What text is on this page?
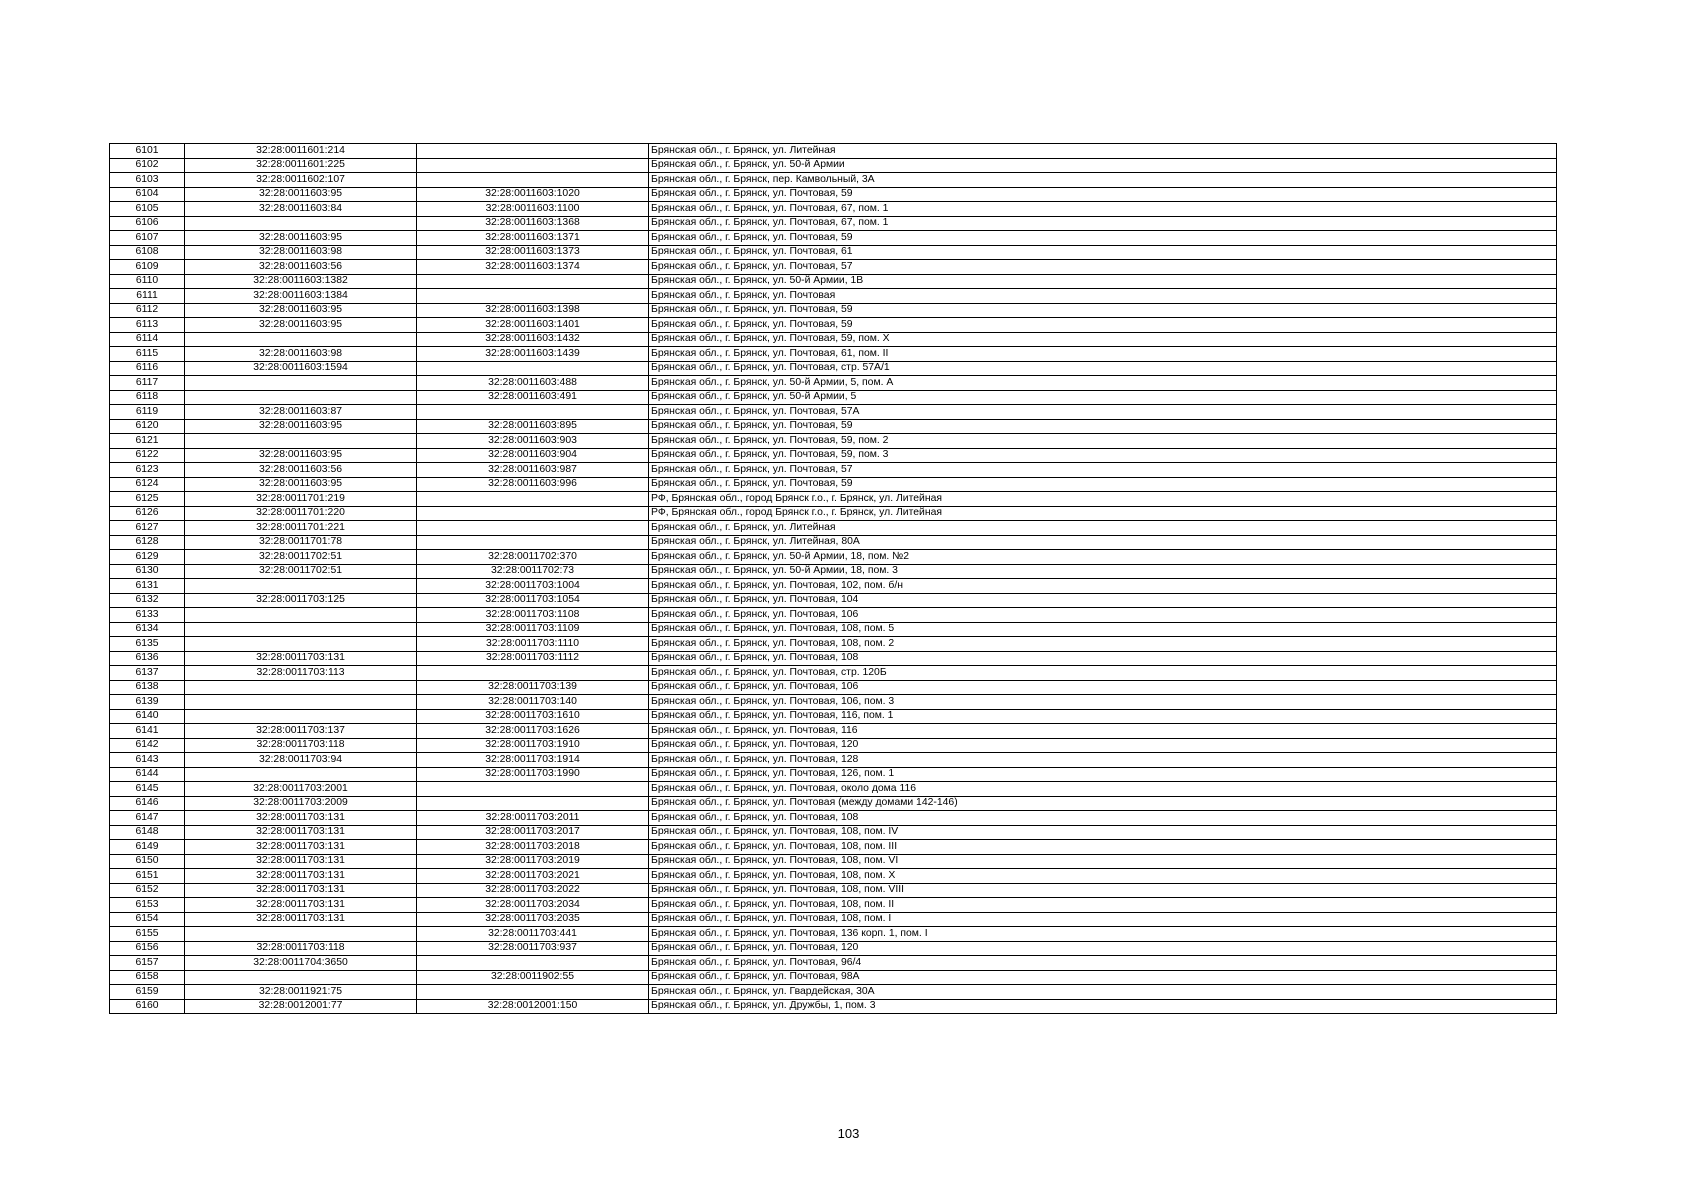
6101	32:28:0011601:214		Брянская обл., г. Брянск, ул. Литейная
6102	32:28:0011601:225		Брянская обл., г. Брянск, ул. 50-й Армии
6103	32:28:0011602:107		Брянская обл., г. Брянск, пер. Камвольный, 3А
6104	32:28:0011603:95	32:28:0011603:1020	Брянская обл., г. Брянск, ул. Почтовая, 59
6105	32:28:0011603:84	32:28:0011603:1100	Брянская обл., г. Брянск, ул. Почтовая, 67, пом. 1
6106		32:28:0011603:1368	Брянская обл., г. Брянск, ул. Почтовая, 67, пом. 1
6107	32:28:0011603:95	32:28:0011603:1371	Брянская обл., г. Брянск, ул. Почтовая, 59
6108	32:28:0011603:98	32:28:0011603:1373	Брянская обл., г. Брянск, ул. Почтовая, 61
6109	32:28:0011603:56	32:28:0011603:1374	Брянская обл., г. Брянск, ул. Почтовая, 57
6110	32:28:0011603:1382		Брянская обл., г. Брянск, ул. 50-й Армии, 1В
6111	32:28:0011603:1384		Брянская обл., г. Брянск, ул. Почтовая
6112	32:28:0011603:95	32:28:0011603:1398	Брянская обл., г. Брянск, ул. Почтовая, 59
6113	32:28:0011603:95	32:28:0011603:1401	Брянская обл., г. Брянск, ул. Почтовая, 59
6114		32:28:0011603:1432	Брянская обл., г. Брянск, ул. Почтовая, 59, пом. X
6115	32:28:0011603:98	32:28:0011603:1439	Брянская обл., г. Брянск, ул. Почтовая, 61, пом. II
6116	32:28:0011603:1594		Брянская обл., г. Брянск, ул. Почтовая, стр. 57А/1
6117		32:28:0011603:488	Брянская обл., г. Брянск, ул. 50-й Армии, 5, пом. А
6118		32:28:0011603:491	Брянская обл., г. Брянск, ул. 50-й Армии, 5
6119	32:28:0011603:87		Брянская обл., г. Брянск, ул. Почтовая, 57А
6120	32:28:0011603:95	32:28:0011603:895	Брянская обл., г. Брянск, ул. Почтовая, 59
6121		32:28:0011603:903	Брянская обл., г. Брянск, ул. Почтовая, 59, пом. 2
6122	32:28:0011603:95	32:28:0011603:904	Брянская обл., г. Брянск, ул. Почтовая, 59, пом. 3
6123	32:28:0011603:56	32:28:0011603:987	Брянская обл., г. Брянск, ул. Почтовая, 57
6124	32:28:0011603:95	32:28:0011603:996	Брянская обл., г. Брянск, ул. Почтовая, 59
6125	32:28:0011701:219		РФ, Брянская обл., город Брянск г.о., г. Брянск, ул. Литейная
6126	32:28:0011701:220		РФ, Брянская обл., город Брянск г.о., г. Брянск, ул. Литейная
6127	32:28:0011701:221		Брянская обл., г. Брянск, ул. Литейная
6128	32:28:0011701:78		Брянская обл., г. Брянск, ул. Литейная, 80А
6129	32:28:0011702:51	32:28:0011702:370	Брянская обл., г. Брянск, ул. 50-й Армии, 18, пом. №2
6130	32:28:0011702:51	32:28:0011702:73	Брянская обл., г. Брянск, ул. 50-й Армии, 18, пом. 3
6131		32:28:0011703:1004	Брянская обл., г. Брянск, ул. Почтовая, 102, пом. б/н
6132	32:28:0011703:125	32:28:0011703:1054	Брянская обл., г. Брянск, ул. Почтовая, 104
6133		32:28:0011703:1108	Брянская обл., г. Брянск, ул. Почтовая, 106
6134		32:28:0011703:1109	Брянская обл., г. Брянск, ул. Почтовая, 108, пом. 5
6135		32:28:0011703:1110	Брянская обл., г. Брянск, ул. Почтовая, 108, пом. 2
6136	32:28:0011703:131	32:28:0011703:1112	Брянская обл., г. Брянск, ул. Почтовая, 108
6137	32:28:0011703:113		Брянская обл., г. Брянск, ул. Почтовая, стр. 120Б
6138		32:28:0011703:139	Брянская обл., г. Брянск, ул. Почтовая, 106
6139		32:28:0011703:140	Брянская обл., г. Брянск, ул. Почтовая, 106, пом. 3
6140		32:28:0011703:1610	Брянская обл., г. Брянск, ул. Почтовая, 116, пом. 1
6141	32:28:0011703:137	32:28:0011703:1626	Брянская обл., г. Брянск, ул. Почтовая, 116
6142	32:28:0011703:118	32:28:0011703:1910	Брянская обл., г. Брянск, ул. Почтовая, 120
6143	32:28:0011703:94	32:28:0011703:1914	Брянская обл., г. Брянск, ул. Почтовая, 128
6144		32:28:0011703:1990	Брянская обл., г. Брянск, ул. Почтовая, 126, пом. 1
6145	32:28:0011703:2001		Брянская обл., г. Брянск, ул. Почтовая, около дома 116
6146	32:28:0011703:2009		Брянская обл., г. Брянск, ул. Почтовая (между домами 142-146)
6147	32:28:0011703:131	32:28:0011703:2011	Брянская обл., г. Брянск, ул. Почтовая, 108
6148	32:28:0011703:131	32:28:0011703:2017	Брянская обл., г. Брянск, ул. Почтовая, 108, пом. IV
6149	32:28:0011703:131	32:28:0011703:2018	Брянская обл., г. Брянск, ул. Почтовая, 108, пом. III
6150	32:28:0011703:131	32:28:0011703:2019	Брянская обл., г. Брянск, ул. Почтовая, 108, пом. VI
6151	32:28:0011703:131	32:28:0011703:2021	Брянская обл., г. Брянск, ул. Почтовая, 108, пом. X
6152	32:28:0011703:131	32:28:0011703:2022	Брянская обл., г. Брянск, ул. Почтовая, 108, пом. VIII
6153	32:28:0011703:131	32:28:0011703:2034	Брянская обл., г. Брянск, ул. Почтовая, 108, пом. II
6154	32:28:0011703:131	32:28:0011703:2035	Брянская обл., г. Брянск, ул. Почтовая, 108, пом. I
6155		32:28:0011703:441	Брянская обл., г. Брянск, ул. Почтовая, 136 корп. 1, пом. I
6156	32:28:0011703:118	32:28:0011703:937	Брянская обл., г. Брянск, ул. Почтовая, 120
6157	32:28:0011704:3650		Брянская обл., г. Брянск, ул. Почтовая, 96/4
6158		32:28:0011902:55	Брянская обл., г. Брянск, ул. Почтовая, 98А
6159	32:28:0011921:75		Брянская обл., г. Брянск, ул. Гвардейская, 30А
6160	32:28:0012001:77	32:28:0012001:150	Брянская обл., г. Брянск, ул. Дружбы, 1, пом. 3
103
